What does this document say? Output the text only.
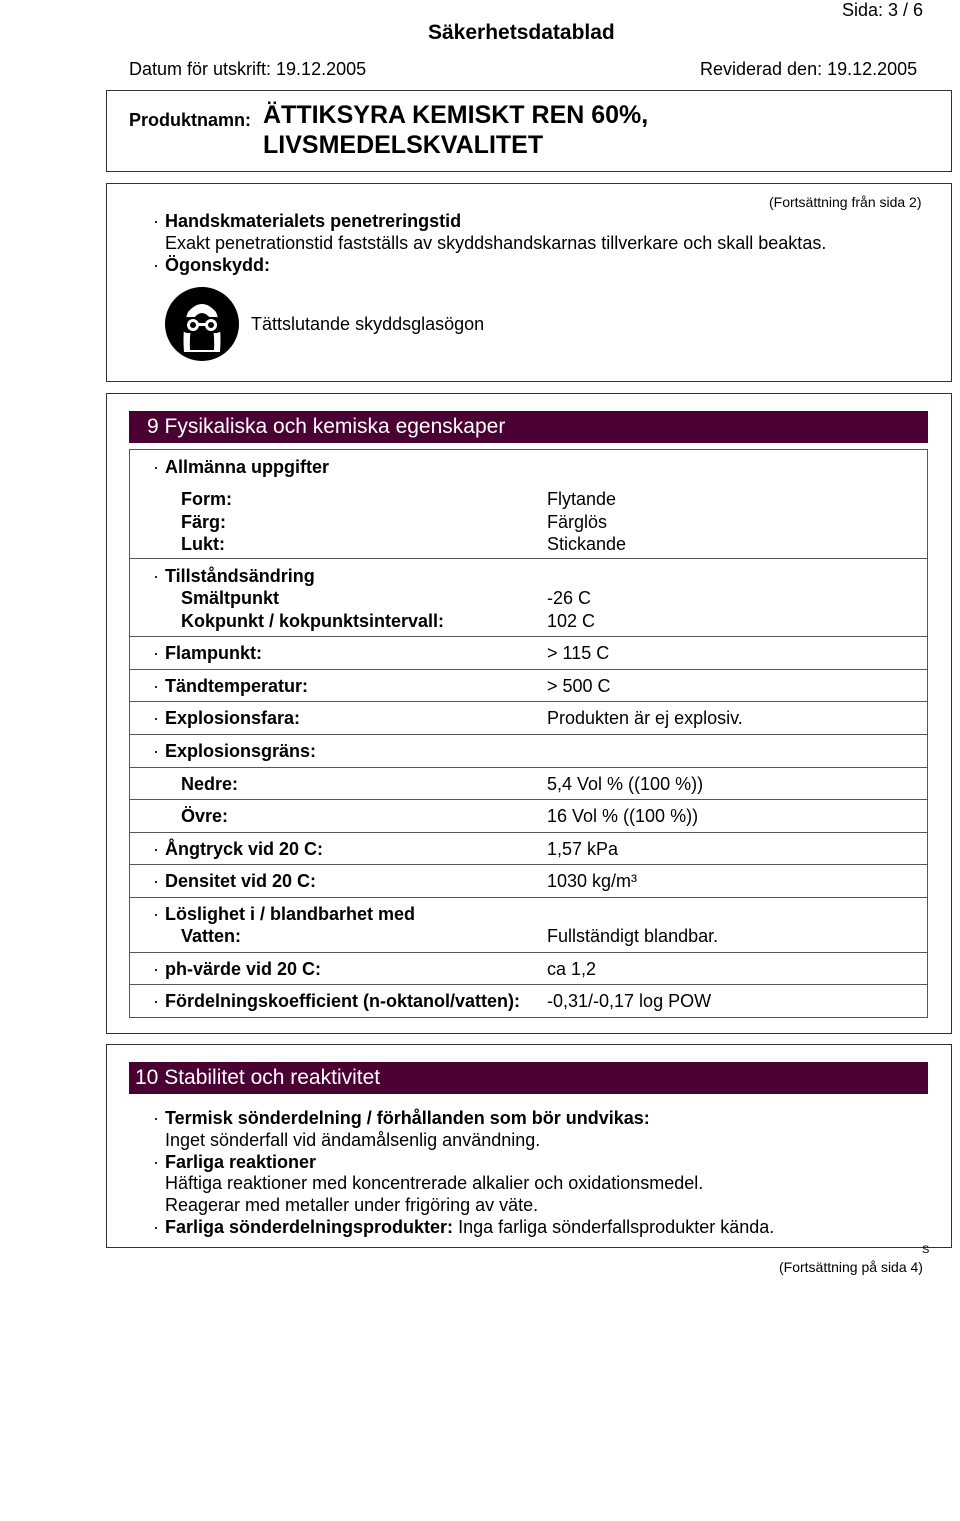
Sida: 3 / 6
Säkerhetsdatablad
Datum för utskrift: 19.12.2005	Reviderad den: 19.12.2005
Produktnamn: ÄTTIKSYRA KEMISKT REN 60%,
LIVSMEDELSKVALITET
(Fortsättning från sida 2)
· Handskmaterialets penetreringstid
Exakt penetrationstid fastställs av skyddshandskarnas tillverkare och skall beaktas.
· Ögonskydd:
Tättslutande skyddsglasögon
9 Fysikaliska och kemiska egenskaper
· Allmänna uppgifter
Form:	Flytande
Färg:	Färglös
Lukt:	Stickande
· Tillståndsändring
Smältpunkt	-26 C
Kokpunkt / kokpunktsintervall:	102 C
· Flampunkt:	> 115 C
· Tändtemperatur:	> 500 C
· Explosionsfara:	Produkten är ej explosiv.
· Explosionsgräns:
Nedre:	5,4 Vol % ((100 %))
Övre:	16 Vol % ((100 %))
· Ångtryck vid 20 C:	1,57 kPa
· Densitet vid 20 C:	1030 kg/m³
· Löslighet i / blandbarhet med
Vatten:	Fullständigt blandbar.
· ph-värde vid 20 C:	ca 1,2
· Fördelningskoefficient (n-oktanol/vatten): -0,31/-0,17 log POW
10 Stabilitet och reaktivitet
· Termisk sönderdelning / förhållanden som bör undvikas:
Inget sönderfall vid ändamålsenlig användning.
· Farliga reaktioner
Häftiga reaktioner med koncentrerade alkalier och oxidationsmedel.
Reagerar med metaller under frigöring av väte.
· Farliga sönderdelningsprodukter: Inga farliga sönderfallsprodukter kända.
S
(Fortsättning på sida 4)
